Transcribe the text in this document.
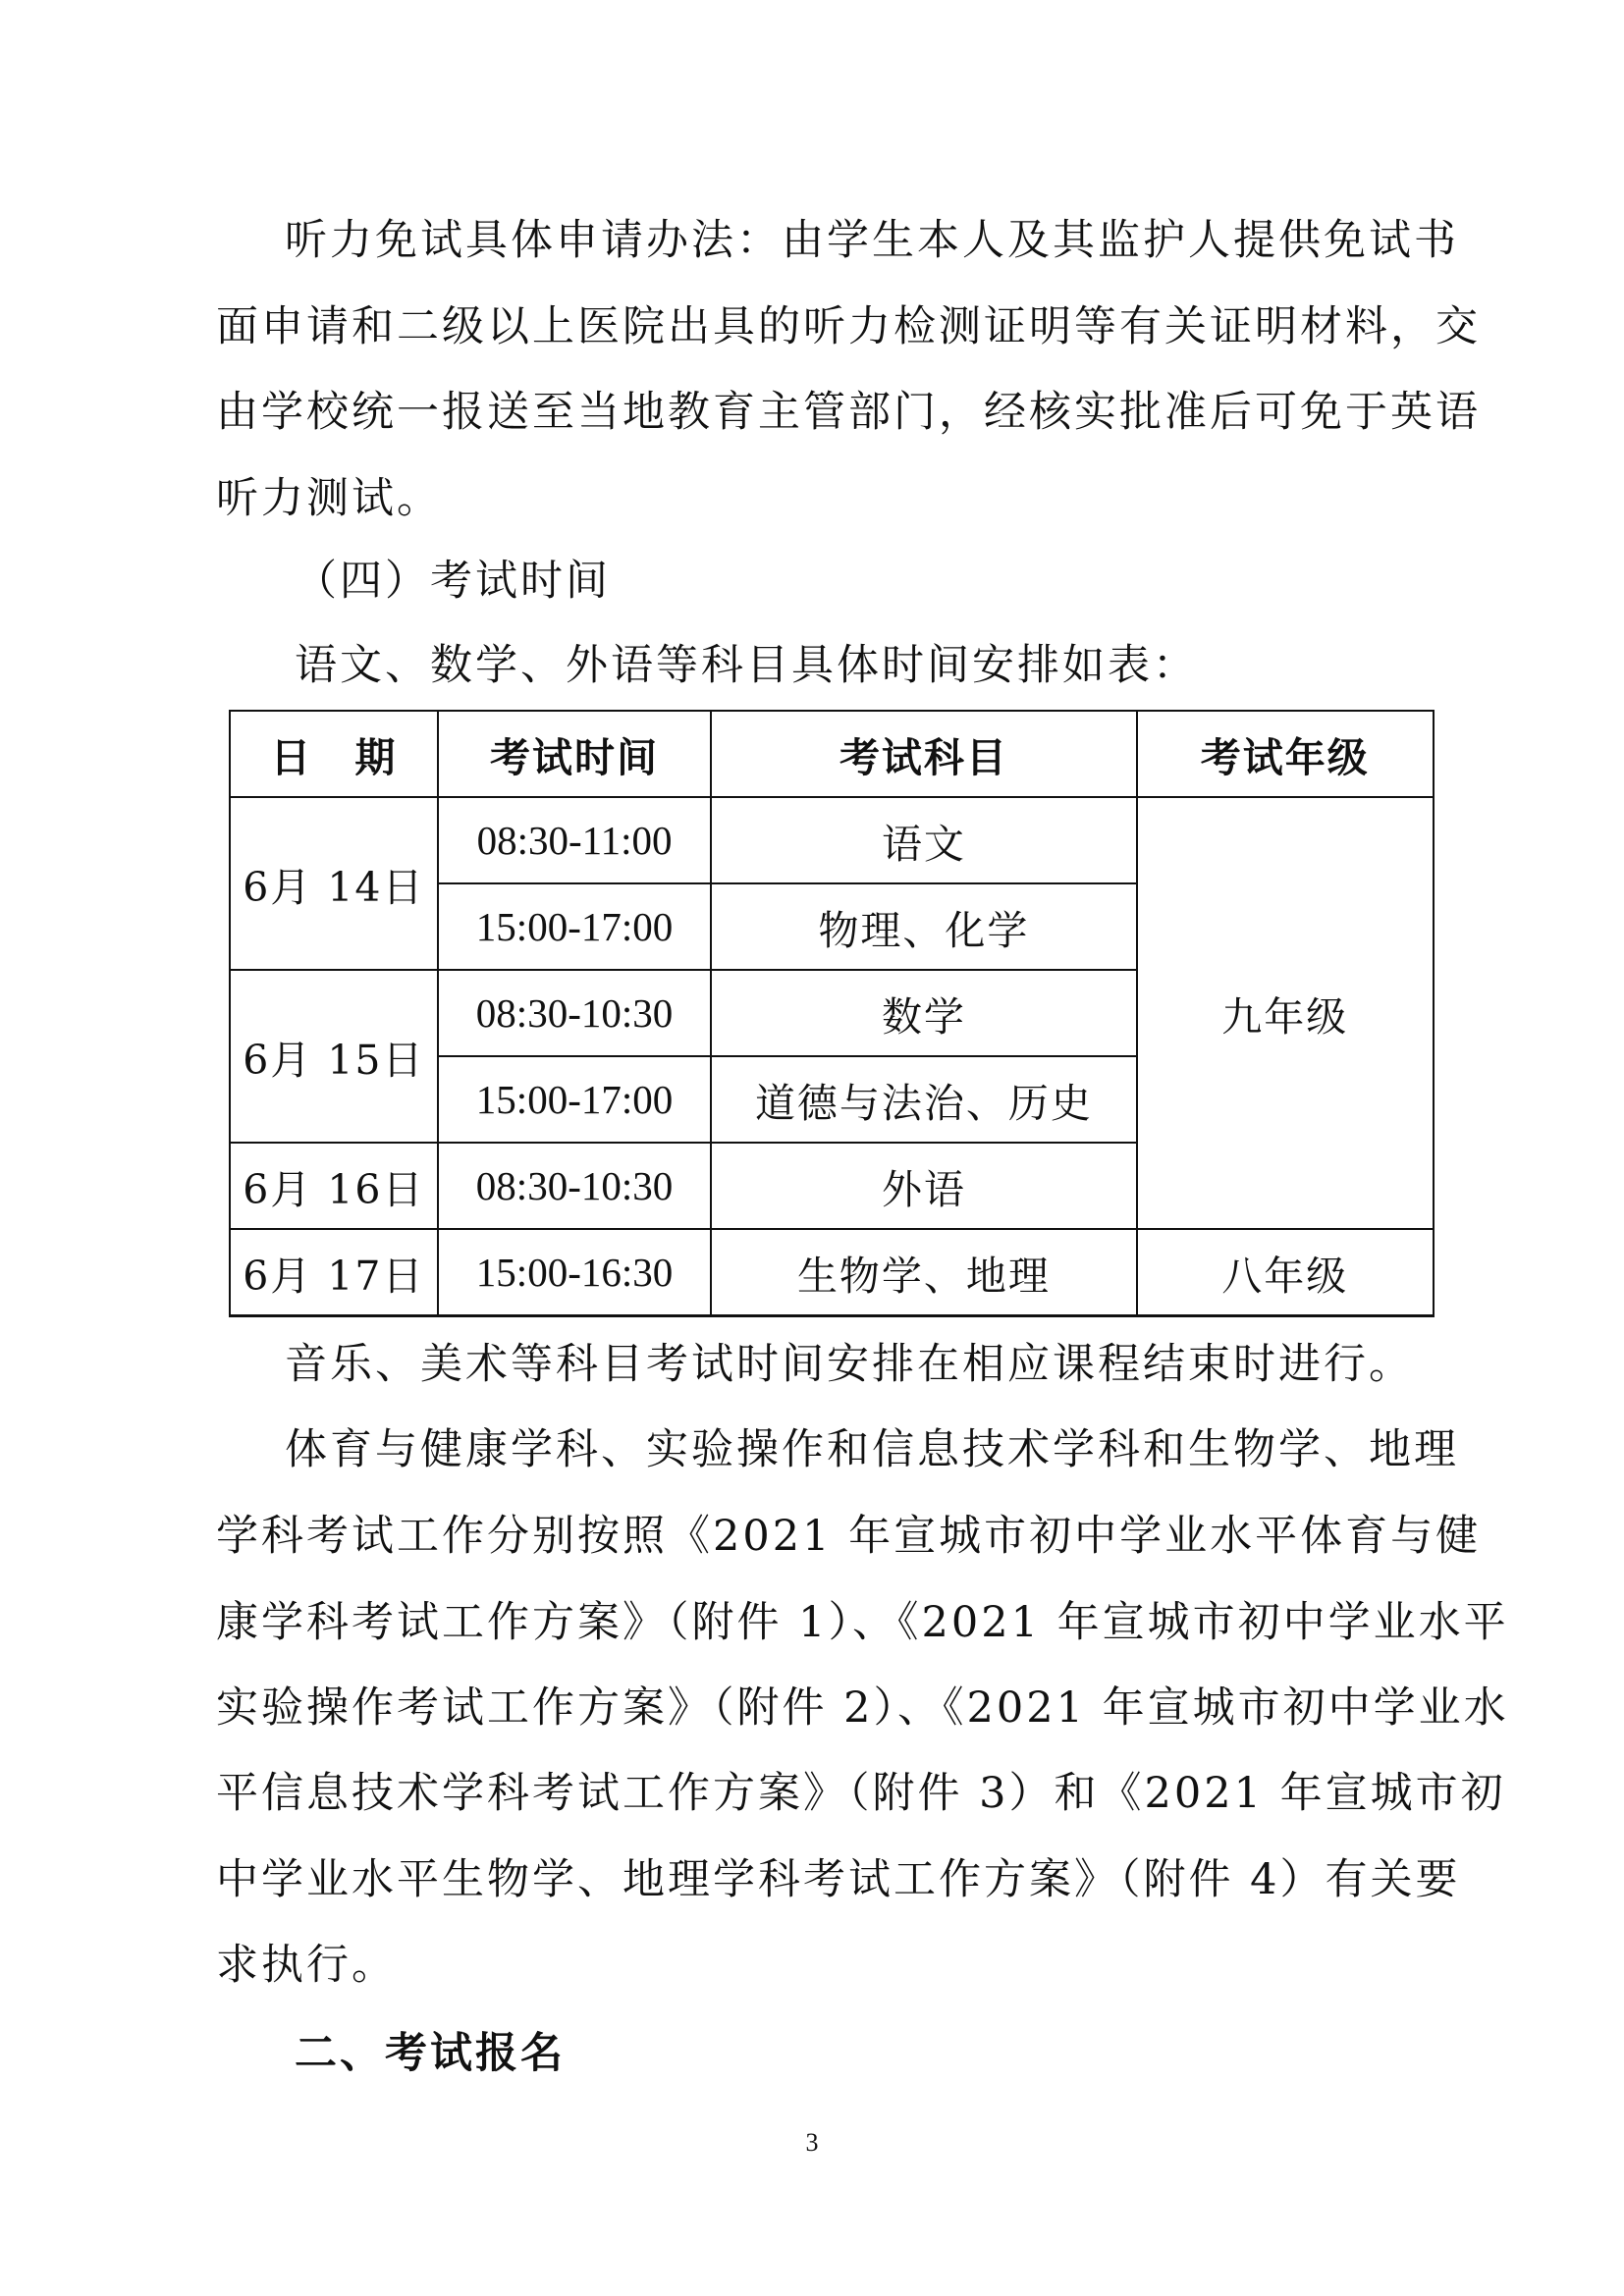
听力免试具体申请办法：由学生本人及其监护人提供免试书
面申请和二级以上医院出具的听力检测证明等有关证明材料，交
由学校统一报送至当地教育主管部门，经核实批准后可免于英语
听力测试。
（四）考试时间
语文、数学、外语等科目具体时间安排如表：
日　期	考试时间	考试科目	考试年级
6月 14日	08:30-11:00	语文	九年级
	15:00-17:00	物理、化学	
6月 15日	08:30-10:30	数学	
	15:00-17:00	道德与法治、历史	
6月 16日	08:30-10:30	外语	
6月 17日	15:00-16:30	生物学、地理	八年级
音乐、美术等科目考试时间安排在相应课程结束时进行。
体育与健康学科、实验操作和信息技术学科和生物学、地理
学科考试工作分别按照《2021 年宣城市初中学业水平体育与健
康学科考试工作方案》（附件 1）、《2021 年宣城市初中学业水平
实验操作考试工作方案》（附件 2）、《2021 年宣城市初中学业水
平信息技术学科考试工作方案》（附件 3）和《2021 年宣城市初
中学业水平生物学、地理学科考试工作方案》（附件 4）有关要
求执行。
二、考试报名
3
